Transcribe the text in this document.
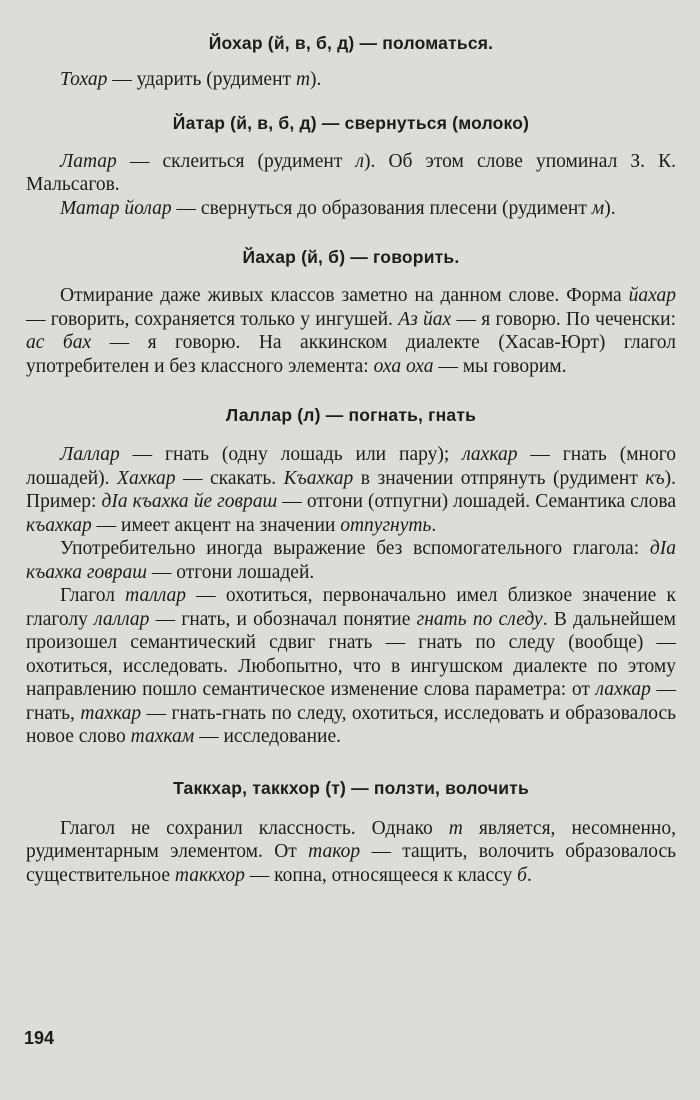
Йохар (й, в, б, д) — поломаться.

Тохар — ударить (рудимент т).

Йатар (й, в, б, д) — свернуться (молоко)

Латар — склеиться (рудимент л). Об этом слове упоминал З. К. Мальсагов.

Матар йолар — свернуться до образования плесени (рудимент м).

Йахар (й, б) — говорить.

Отмирание даже живых классов заметно на данном слове. Форма йахар — говорить, сохраняется только у ингушей. Аз йах — я говорю. По чеченски: ас бах — я говорю. На аккинском диалекте (Хасав-Юрт) глагол употребителен и без классного элемента: оха оха — мы говорим.

Лаллар (л) — погнать, гнать

Лаллар — гнать (одну лошадь или пару); лахкар — гнать (много лошадей). Хахкар — скакать. Къахкар в значении отпрянуть (рудимент къ). Пример: дIа къахка йе говраш — отгони (отпугни) лошадей. Семантика слова къахкар — имеет акцент на значении отпугнуть.

Употребительно иногда выражение без вспомогательного глагола: дIа къахка говраш — отгони лошадей.

Глагол таллар — охотиться, первоначально имел близкое значение к глаголу лаллар — гнать, и обозначал понятие гнать по следу. В дальнейшем произошел семантический сдвиг гнать — гнать по следу (вообще) — охотиться, исследовать. Любопытно, что в ингушском диалекте по этому направлению пошло семантическое изменение слова параметра: от лахкар — гнать, тахкар — гнать-гнать по следу, охотиться, исследовать и образовалось новое слово тахкам — исследование.

Таккхар, таккхор (т) — ползти, волочить

Глагол не сохранил классность. Однако т является, несомненно, рудиментарным элементом. От такор — тащить, волочить образовалось существительное таккхор — копна, относящееся к классу б.

194
